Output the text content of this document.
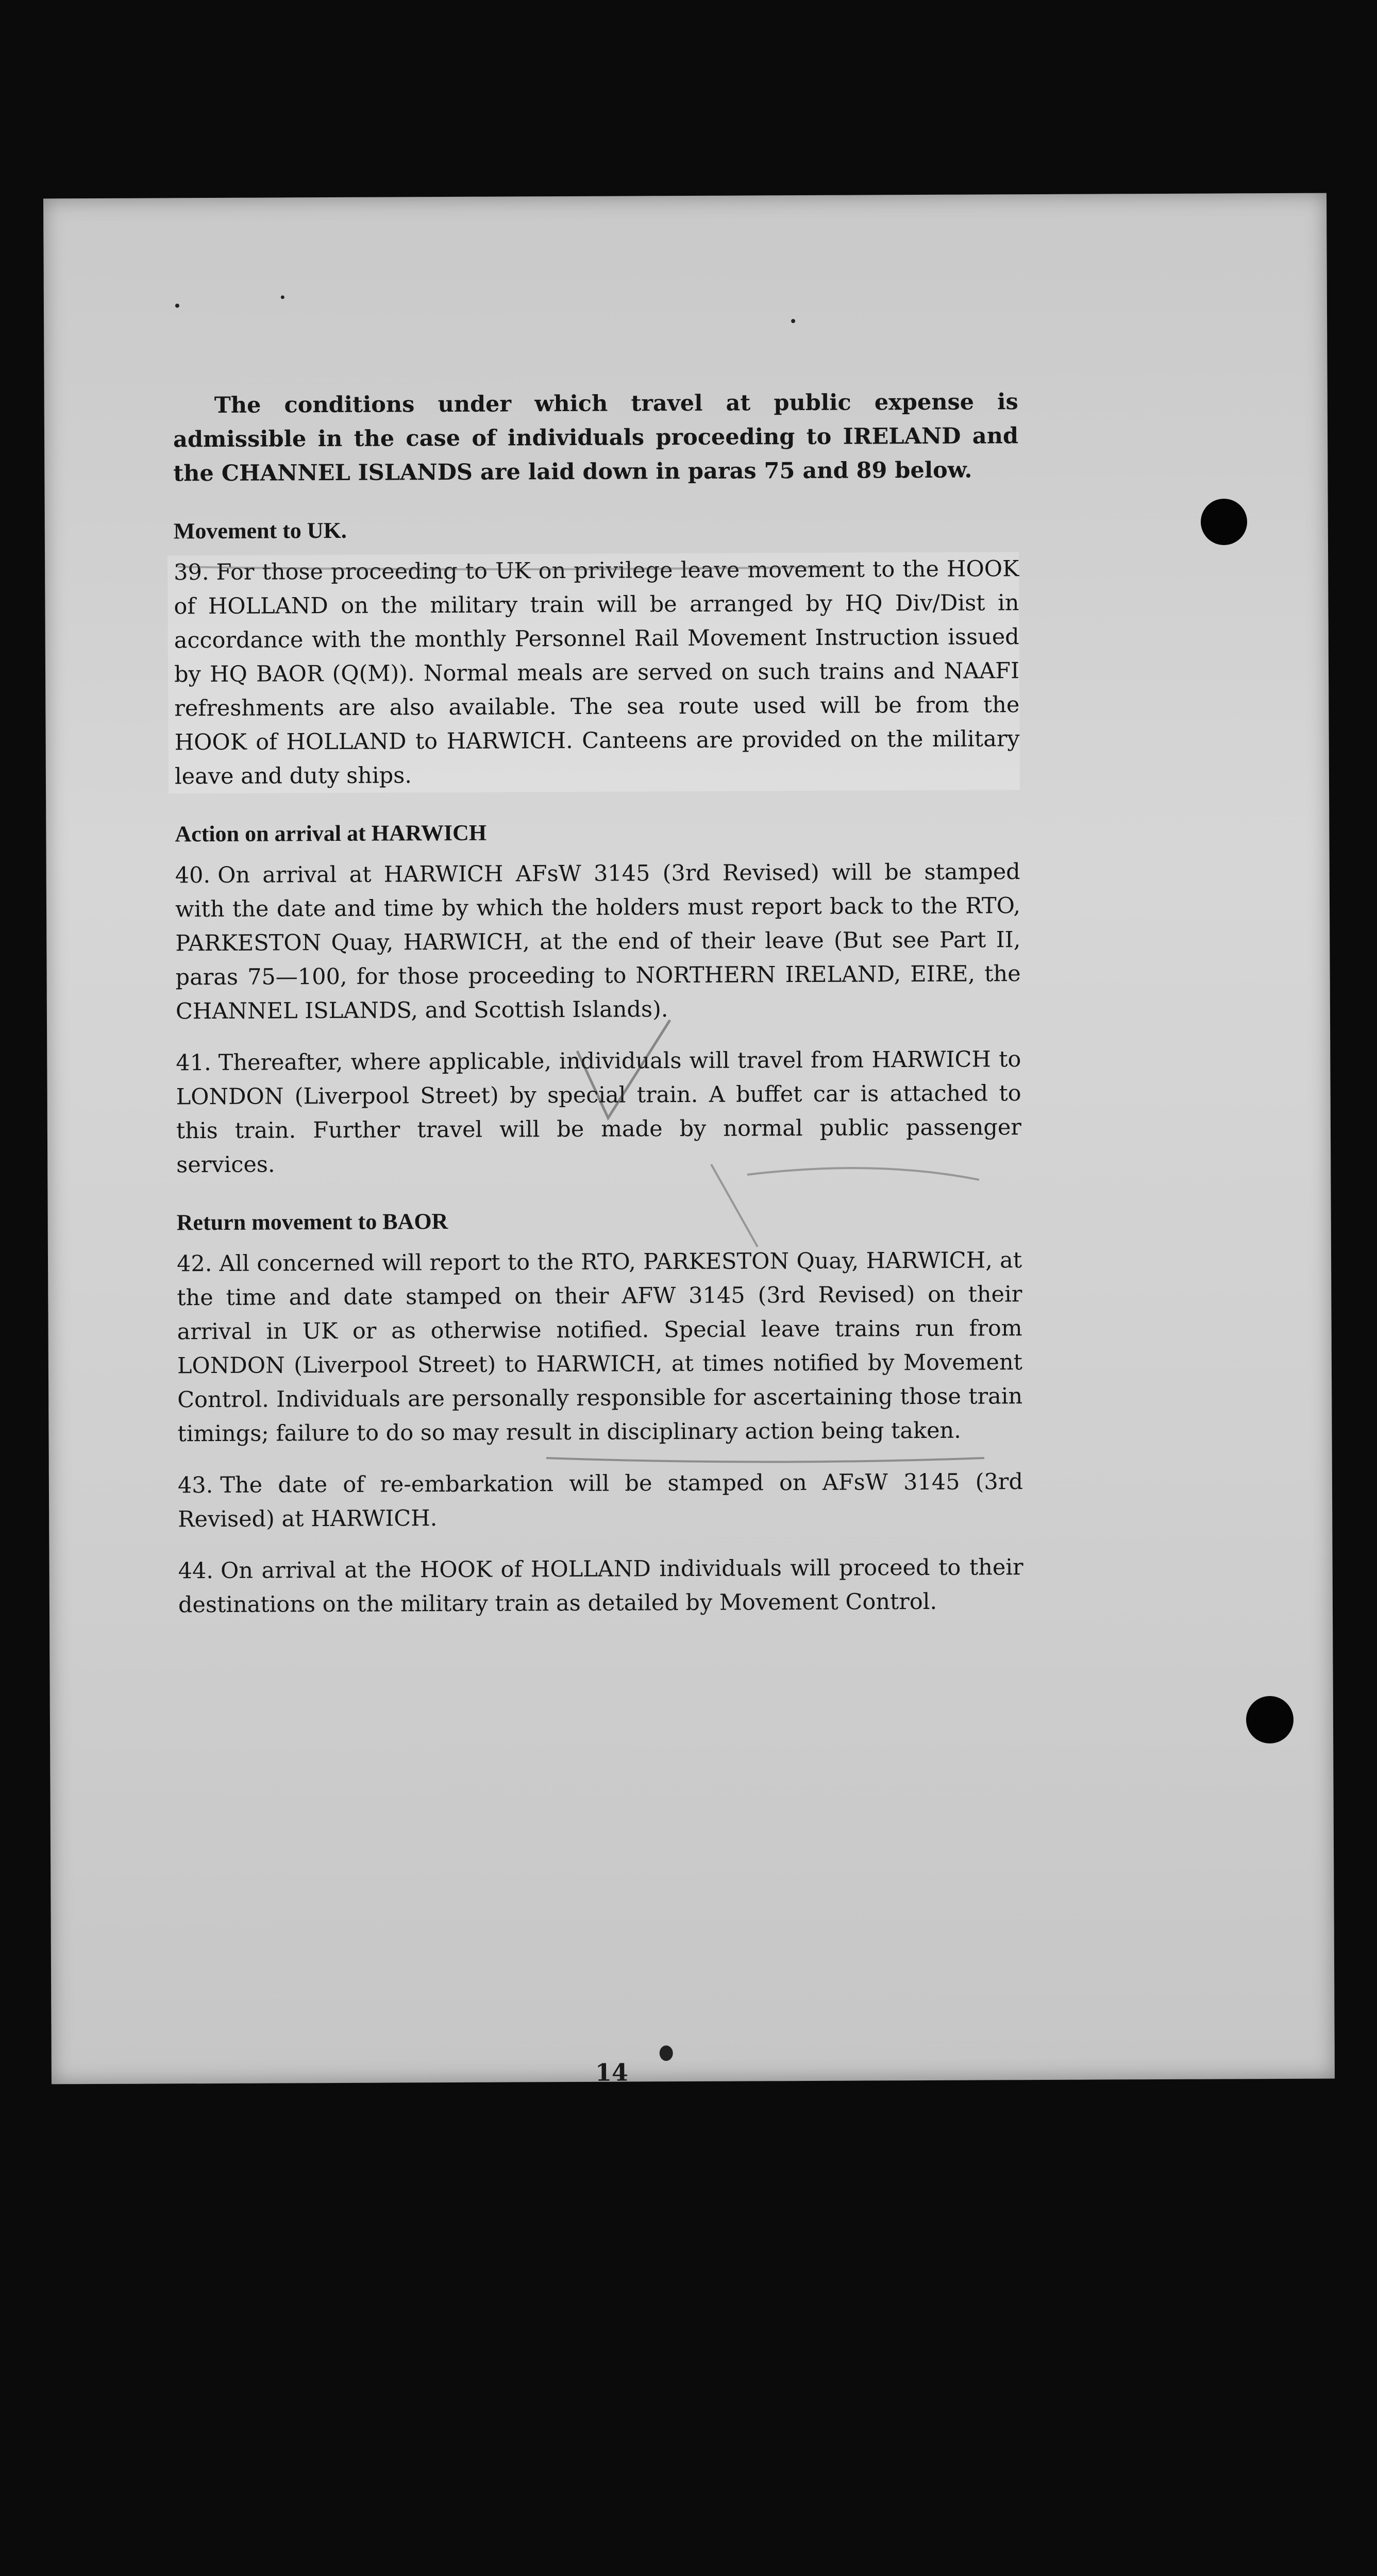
The conditions under which travel at public expense is admissible in the case of individuals proceeding to IRELAND and the CHANNEL ISLANDS are laid down in paras 75 and 89 below.

Movement to UK.

39. For those proceeding to UK on privilege leave movement to the HOOK of HOLLAND on the military train will be arranged by HQ Div/Dist in accordance with the monthly Personnel Rail Movement Instruction issued by HQ BAOR (Q(M)). Normal meals are served on such trains and NAAFI refreshments are also available. The sea route used will be from the HOOK of HOLLAND to HARWICH. Canteens are provided on the military leave and duty ships.

Action on arrival at HARWICH

40. On arrival at HARWICH AFsW 3145 (3rd Revised) will be stamped with the date and time by which the holders must report back to the RTO, PARKESTON Quay, HARWICH, at the end of their leave (But see Part II, paras 75—100, for those proceeding to NORTHERN IRELAND, EIRE, the CHANNEL ISLANDS, and Scottish Islands).

41. Thereafter, where applicable, individuals will travel from HARWICH to LONDON (Liverpool Street) by special train. A buffet car is attached to this train. Further travel will be made by normal public passenger services.

Return movement to BAOR

42. All concerned will report to the RTO, PARKESTON Quay, HARWICH, at the time and date stamped on their AFW 3145 (3rd Revised) on their arrival in UK or as otherwise notified. Special leave trains run from LONDON (Liverpool Street) to HARWICH, at times notified by Movement Control. Individuals are personally responsible for ascertaining those train timings; failure to do so may result in disciplinary action being taken.

43. The date of re-embarkation will be stamped on AFsW 3145 (3rd Revised) at HARWICH.

44. On arrival at the HOOK of HOLLAND individuals will proceed to their destinations on the military train as detailed by Movement Control.

14
